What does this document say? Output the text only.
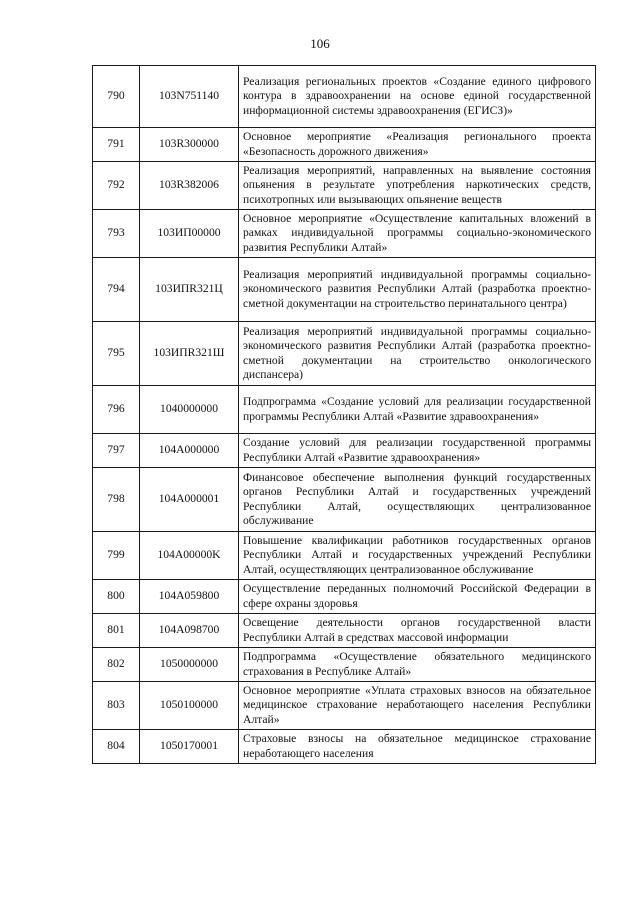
106
790	103N751140	Реализация региональных проектов «Создание единого цифрового контура в здравоохранении на основе единой государственной информационной системы здравоохранения (ЕГИСЗ)»
791	103R300000	Основное мероприятие «Реализация регионального проекта «Безопасность дорожного движения»
792	103R382006	Реализация мероприятий, направленных на выявление состояния опьянения в результате употребления наркотических средств, психотропных или вызывающих опьянение веществ
793	103ИП00000	Основное мероприятие «Осуществление капитальных вложений в рамках индивидуальной программы социально-экономического развития Республики Алтай»
794	103ИПR321Ц	Реализация мероприятий индивидуальной программы социально-экономического развития Республики Алтай (разработка проектно-сметной документации на строительство перинатального центра)
795	103ИПR321Ш	Реализация мероприятий индивидуальной программы социально-экономического развития Республики Алтай (разработка проектно-сметной документации на строительство онкологического диспансера)
796	1040000000	Подпрограмма «Создание условий для реализации государственной программы Республики Алтай «Развитие здравоохранения»
797	104A000000	Создание условий для реализации государственной программы Республики Алтай «Развитие здравоохранения»
798	104A000001	Финансовое обеспечение выполнения функций государственных органов Республики Алтай и государственных учреждений Республики Алтай, осуществляющих централизованное обслуживание
799	104A00000K	Повышение квалификации работников государственных органов Республики Алтай и государственных учреждений Республики Алтай, осуществляющих централизованное обслуживание
800	104A059800	Осуществление переданных полномочий Российской Федерации в сфере охраны здоровья
801	104A098700	Освещение деятельности органов государственной власти Республики Алтай в средствах массовой информации
802	1050000000	Подпрограмма «Осуществление обязательного медицинского страхования в Республике Алтай»
803	1050100000	Основное мероприятие «Уплата страховых взносов на обязательное медицинское страхование неработающего населения Республики Алтай»
804	1050170001	Страховые взносы на обязательное медицинское страхование неработающего населения
